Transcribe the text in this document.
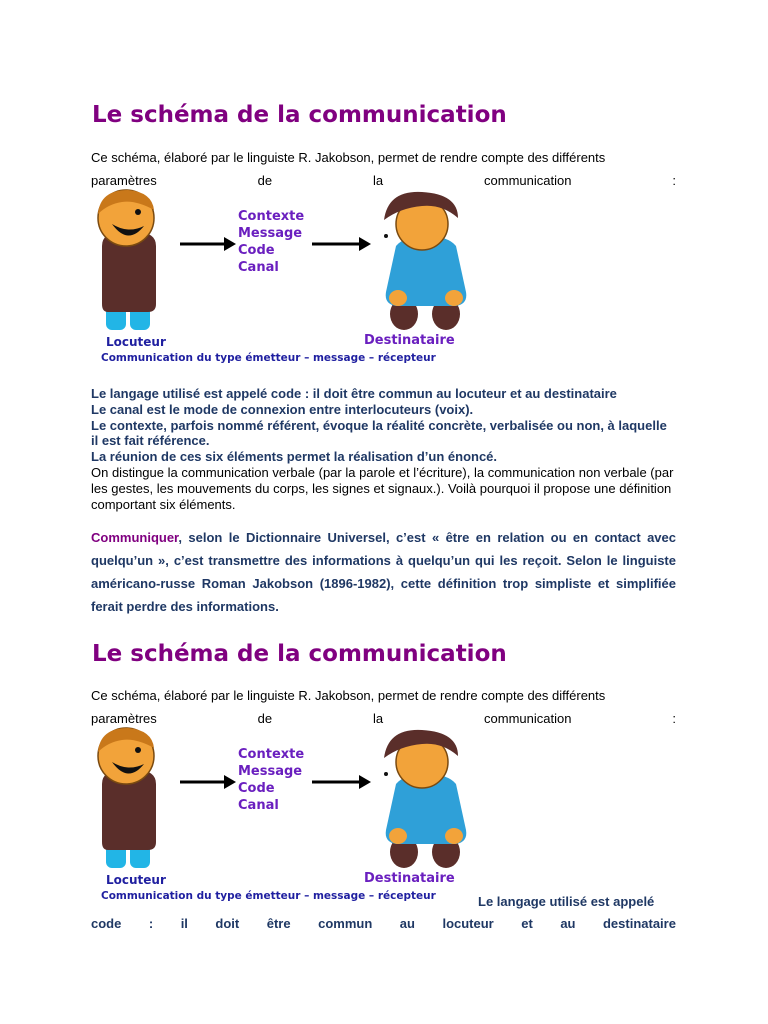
Le schéma de la communication
Ce schéma, élaboré par le linguiste R. Jakobson, permet de rendre compte des différents
paramètres	de	la	communication	:
Contexte
Message
Code
Canal
Locuteur	Destinataire
Communication du type émetteur – message – récepteur

Le langage utilisé est appelé code : il doit être commun au locuteur et au destinataire

Le canal est le mode de connexion entre interlocuteurs (voix).

Le contexte, parfois nommé référent, évoque la réalité concrète, verbalisée ou non, à laquelle il est fait référence.

La réunion de ces six éléments permet la réalisation d’un énoncé.

On distingue la communication verbale (par la parole et l’écriture), la communication non verbale (par les gestes, les mouvements du corps, les signes et signaux.). Voilà pourquoi il propose une définition comportant six éléments.

Communiquer, selon le Dictionnaire Universel, c’est « être en relation ou en contact avec quelqu’un », c’est transmettre des informations à quelqu’un qui les reçoit. Selon le linguiste américano-russe Roman Jakobson (1896-1982), cette définition trop simpliste et simplifiée ferait perdre des informations.
Le schéma de la communication
Ce schéma, élaboré par le linguiste R. Jakobson, permet de rendre compte des différents
paramètres	de	la	communication	:
Contexte
Message
Code
Canal
Locuteur	Destinataire
Communication du type émetteur – message – récepteur	Le langage utilisé est appelé
code : il doit être commun au locuteur et au destinataire
